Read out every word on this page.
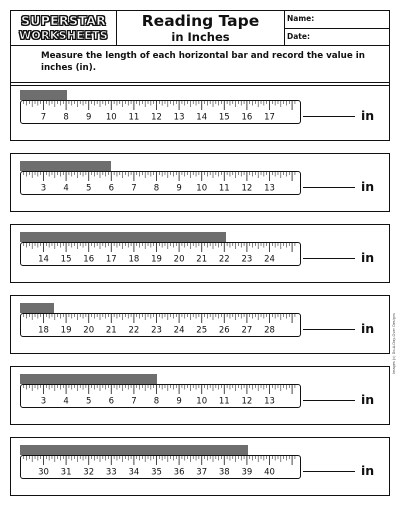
SUPERSTAR
WORKSHEETS
Reading Tape
in Inches
Name:
Date:
Measure the length of each horizontal bar and record the value in inches (in).
7 8 9 10 11 12 13 14 15 16 17	in
3 4 5 6 7 8 9 10 11 12 13	in
14 15 16 17 18 19 20 21 22 23 24	in
18 19 20 21 22 23 24 25 26 27 28	in
3 4 5 6 7 8 9 10 11 12 13	in
30 31 32 33 34 35 36 37 38 39 40	in
Images (c) Do-A-Day-Over Designs
